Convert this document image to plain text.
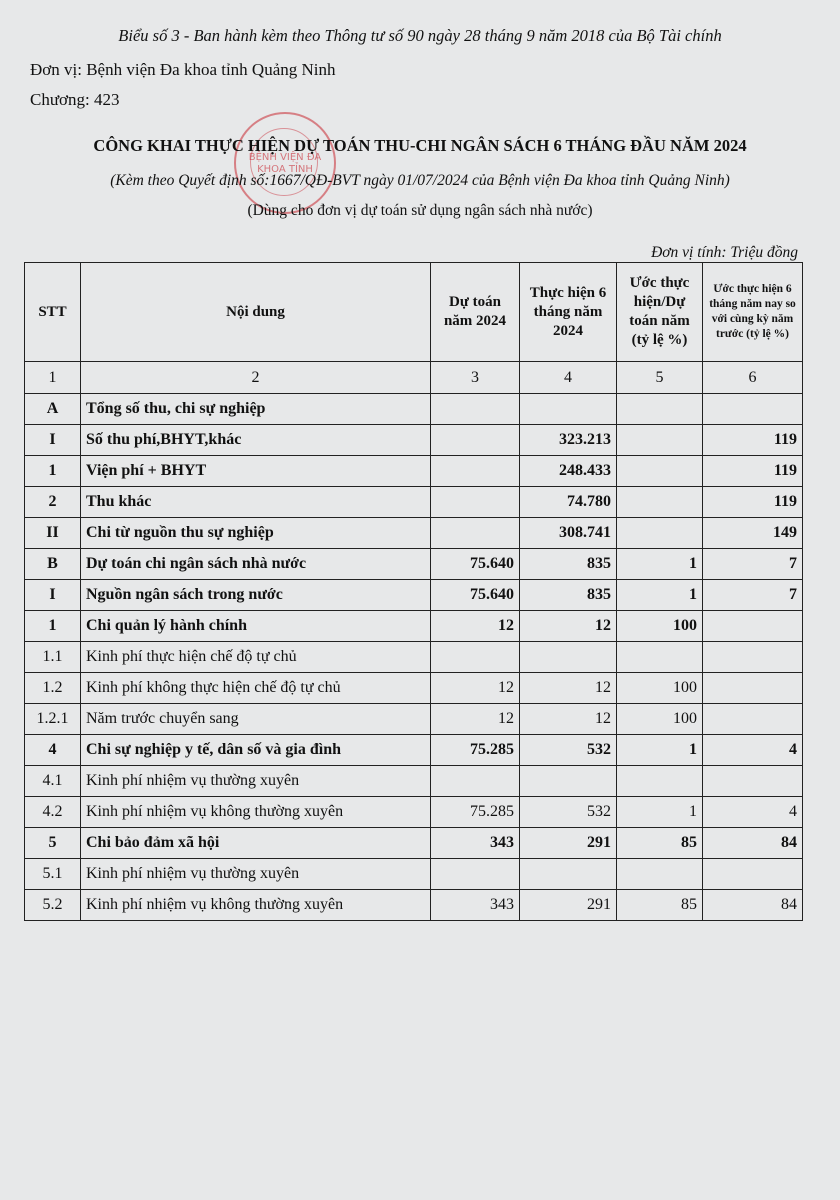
Biểu số 3 - Ban hành kèm theo Thông tư số 90 ngày 28 tháng 9 năm 2018 của Bộ Tài chính
Đơn vị: Bệnh viện Đa khoa tỉnh Quảng Ninh
Chương: 423
BỆNH VIỆN ĐA KHOA TỈNH
CÔNG KHAI THỰC HIỆN DỰ TOÁN THU-CHI NGÂN SÁCH 6 THÁNG ĐẦU NĂM 2024
(Kèm theo Quyết định số:1667/QĐ-BVT ngày 01/07/2024 của Bệnh viện Đa khoa tỉnh Quảng Ninh)
(Dùng cho đơn vị dự toán sử dụng ngân sách nhà nước)
Đơn vị tính: Triệu đồng
STT	Nội dung	Dự toán năm 2024	Thực hiện 6 tháng năm 2024	Ước thực hiện/Dự toán năm (tỷ lệ %)	Ước thực hiện 6 tháng năm nay so với cùng kỳ năm trước (tỷ lệ %)
1	2	3	4	5	6
A	Tổng số thu, chi sự nghiệp				
I	Số thu phí,BHYT,khác		323.213		119
1	Viện phí + BHYT		248.433		119
2	Thu khác		74.780		119
II	Chi từ nguồn thu sự nghiệp		308.741		149
B	Dự toán chi ngân sách nhà nước	75.640	835	1	7
I	Nguồn ngân sách trong nước	75.640	835	1	7
1	Chi quản lý hành chính	12	12	100	
1.1	Kinh phí thực hiện chế độ tự chủ				
1.2	Kinh phí không thực hiện chế độ tự chủ	12	12	100	
1.2.1	Năm trước chuyển sang	12	12	100	
4	Chi sự nghiệp y tế, dân số và gia đình	75.285	532	1	4
4.1	Kinh phí nhiệm vụ thường xuyên				
4.2	Kinh phí nhiệm vụ không thường xuyên	75.285	532	1	4
5	Chi bảo đảm xã hội	343	291	85	84
5.1	Kinh phí nhiệm vụ thường xuyên				
5.2	Kinh phí nhiệm vụ không thường xuyên	343	291	85	84
